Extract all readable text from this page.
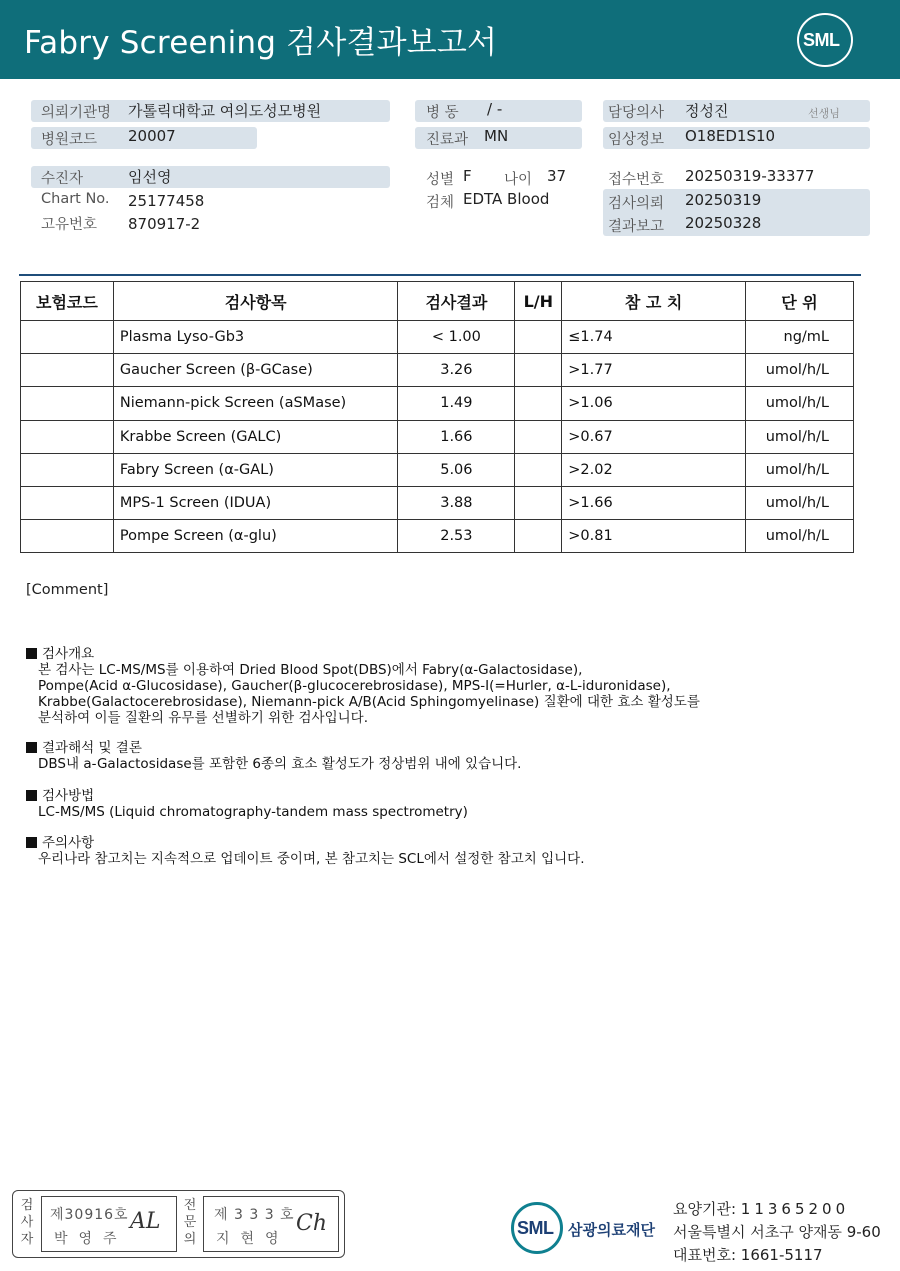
Fabry Screening 검사결과보고서	SML
의뢰기관명 가톨릭대학교 여의도성모병원
병원코드 20007
수진자	임선영
Chart No. 25177458
고유번호 870917-2
병 동 / -
진료과 MN
성별 F 나이 37
검체 EDTA Blood
담당의사 정성진	선생님
임상정보 O18ED1S10
접수번호 20250319-33377
검사의뢰 20250319
결과보고 20250328
보험코드	검사항목	검사결과	L/H	참 고 치	단 위
	Plasma Lyso-Gb3	< 1.00		≤1.74	ng/mL
	Gaucher Screen (β-GCase)	3.26		>1.77	umol/h/L
	Niemann-pick Screen (aSMase)	1.49		>1.06	umol/h/L
	Krabbe Screen (GALC)	1.66		>0.67	umol/h/L
	Fabry Screen (α-GAL)	5.06		>2.02	umol/h/L
	MPS-1 Screen (IDUA)	3.88		>1.66	umol/h/L
	Pompe Screen (α-glu)	2.53		>0.81	umol/h/L
[Comment]
검사개요
본 검사는 LC-MS/MS를 이용하여 Dried Blood Spot(DBS)에서 Fabry(α-Galactosidase),
Pompe(Acid α-Glucosidase), Gaucher(β-glucocerebrosidase), MPS-I(=Hurler, α-L-iduronidase),
Krabbe(Galactocerebrosidase), Niemann-pick A/B(Acid Sphingomyelinase) 질환에 대한 효소 활성도를
분석하여 이들 질환의 유무를 선별하기 위한 검사입니다.
결과해석 및 결론
DBS내 a-Galactosidase를 포함한 6종의 효소 활성도가 정상범위 내에 있습니다.
검사방법
LC-MS/MS (Liquid chromatography-tandem mass spectrometry)
주의사항
우리나라 참고치는 지속적으로 업데이트 중이며, 본 참고치는 SCL에서 설정한 참고치 입니다.
검사자
제30916호
박영주
AL
전문의
제 3 3 3 호
지현영
Ch	SML 삼광의료재단
요양기관: 11365200
서울특별시 서초구 양재동 9-60
대표번호: 1661-5117
